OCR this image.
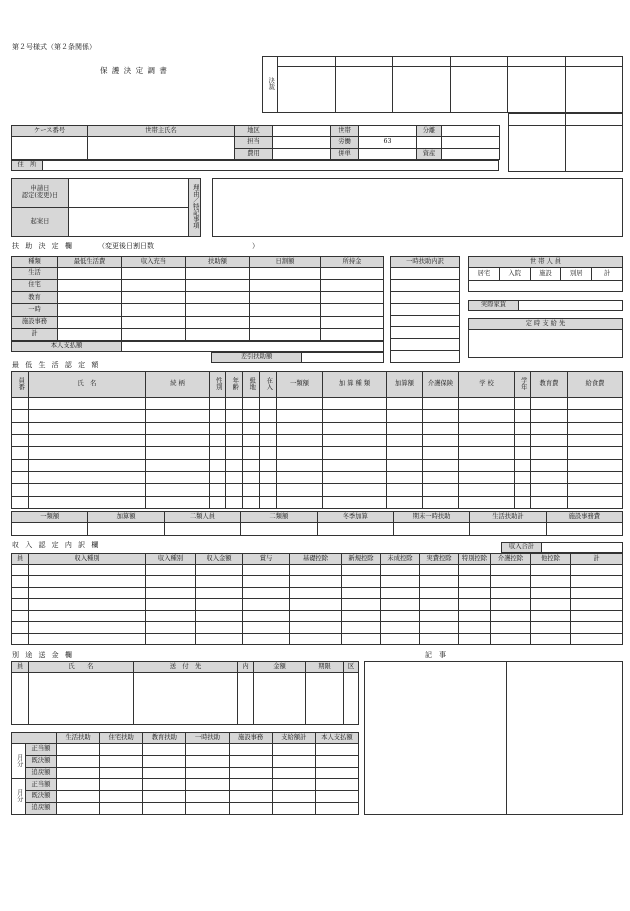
第２号様式（第２条関係）
保 護 決 定 調 書
決裁						

ケース番号	世帯主氏名	地区		世帯		分離	
		担当		労働	63		
		費用		併単		資産	
住　所	
申請日
認定(変更)日		理由／特記事項		
起案日				
扶 助 決 定 欄	（変更後日割日数　　　　　　　　　　　　　　）
種類	最低生活費	収入充当	扶助額	日割額	所持金
生活					
住宅					
教育					
一時					
施設事務					
計					
本人支払額	
差引扶助額	
一時扶助内訳	世 帯 人 員
居宅	入院	施設	別居	計
実際家賃	
定 時 支 給 先

最 低 生 活 認 定 額
員番	氏　名	続 柄	性別	年齢	級地	在入	一類額	加 算 種 類	加算額	介護保険	学 校	学年	教育費	給食費

一類額	加算額	二類人員	二類額	冬季加算	期末一時扶助	生活扶助計	施設事務費

収 入 認 定 内 訳 欄	収入合計	
員	収入種別	収入種別	収入金額	賞与	基礎控除	新規控除	未成控除	実費控除	特別控除	介護控除	他控除	計

別 途 送 金 欄	記　事
員	氏　　名	送　付　先	内	金額	期限	区

		生活扶助	住宅扶助	教育扶助	一時扶助	施設事務	支給額計	本人支払額
月分	正当額							
	既決額							
	追戻額							
月分	正当額							
	既決額							
	追戻額							
